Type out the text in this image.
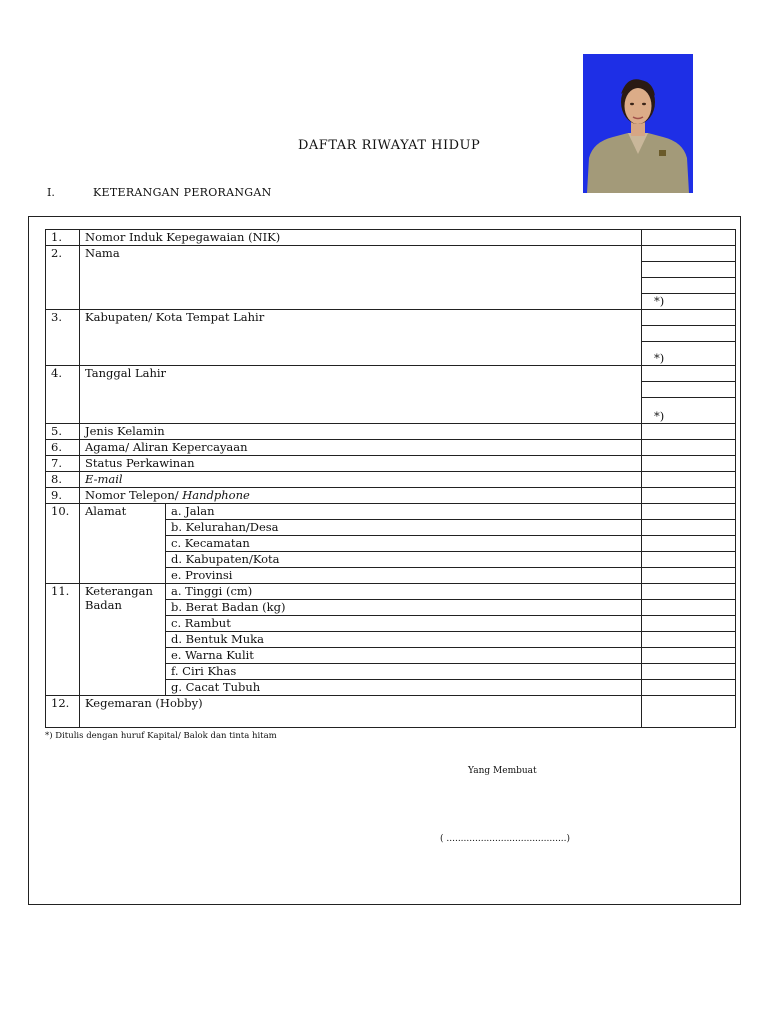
DAFTAR RIWAYAT HIDUP
I.	KETERANGAN PERORANGAN
1.	Nomor Induk Kepegawaian (NIK)		
2.	Nama		

			*)

3.	Kabupaten/ Kota Tempat Lahir		

			*)

4.	Tanggal Lahir		

			*)

5.	Jenis Kelamin		
6.	Agama/ Aliran Kepercayaan		
7.	Status Perkawinan		
8.	E-mail		
9.	Nomor Telepon/ Handphone		
10.	Alamat	a. Jalan	
		b. Kelurahan/Desa	
		c. Kecamatan	
		d. Kabupaten/Kota	
		e. Provinsi	
11.	Keterangan Badan	a. Tinggi (cm)	
		b. Berat Badan (kg)	
		c. Rambut	
		d. Bentuk Muka	
		e. Warna Kulit	
		f. Ciri Khas	
		g. Cacat Tubuh	
12.	Kegemaran (Hobby)		
*) Ditulis dengan huruf Kapital/ Balok dan tinta hitam
Yang Membuat
( ..........................................)
